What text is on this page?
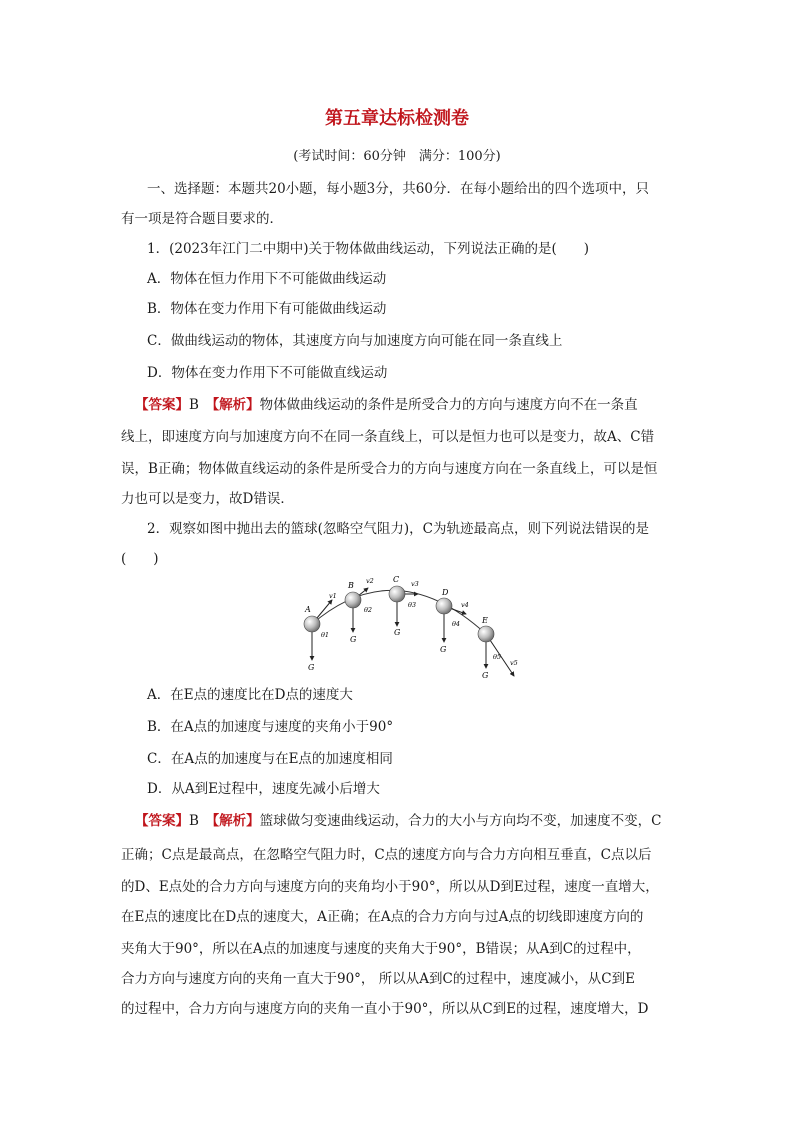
第五章达标检测卷
(考试时间：60分钟　满分：100分)
一、选择题：本题共20小题，每小题3分，共60分．在每小题给出的四个选项中，只
有一项是符合题目要求的．
1．(2023年江门二中期中)关于物体做曲线运动，下列说法正确的是(　　)
A．物体在恒力作用下不可能做曲线运动
B．物体在变力作用下有可能做曲线运动
C．做曲线运动的物体，其速度方向与加速度方向可能在同一条直线上
D．物体在变力作用下不可能做直线运动
【答案】B　 【解析】物体做曲线运动的条件是所受合力的方向与速度方向不在一条直
线上，即速度方向与加速度方向不在同一条直线上，可以是恒力也可以是变力，故A、C错
误，B正确；物体做直线运动的条件是所受合力的方向与速度方向在一条直线上，可以是恒
力也可以是变力，故D错误．
2．观察如图中抛出去的篮球(忽略空气阻力)，C为轨迹最高点，则下列说法错误的是
(　　)
A
v1
θ1
G
B v2
θ2
G
C v3
θ3
G
D
v4
θ4
G
E
v5
θ5
G
A．在E点的速度比在D点的速度大
B．在A点的加速度与速度的夹角小于90°
C．在A点的加速度与在E点的加速度相同
D．从A到E过程中，速度先减小后增大
【答案】B　 【解析】篮球做匀变速曲线运动，合力的大小与方向均不变，加速度不变，C
正确；C点是最高点，在忽略空气阻力时，C点的速度方向与合力方向相互垂直，C点以后
的D、E点处的合力方向与速度方向的夹角均小于90°，所以从D到E过程，速度一直增大，
在E点的速度比在D点的速度大，A正确；在A点的合力方向与过A点的切线即速度方向的
夹角大于90°，所以在A点的加速度与速度的夹角大于90°，B错误；从A到C的过程中，
合力方向与速度方向的夹角一直大于90°， 所以从A到C的过程中，速度减小，从C到E
的过程中，合力方向与速度方向的夹角一直小于90°，所以从C到E的过程，速度增大，D
